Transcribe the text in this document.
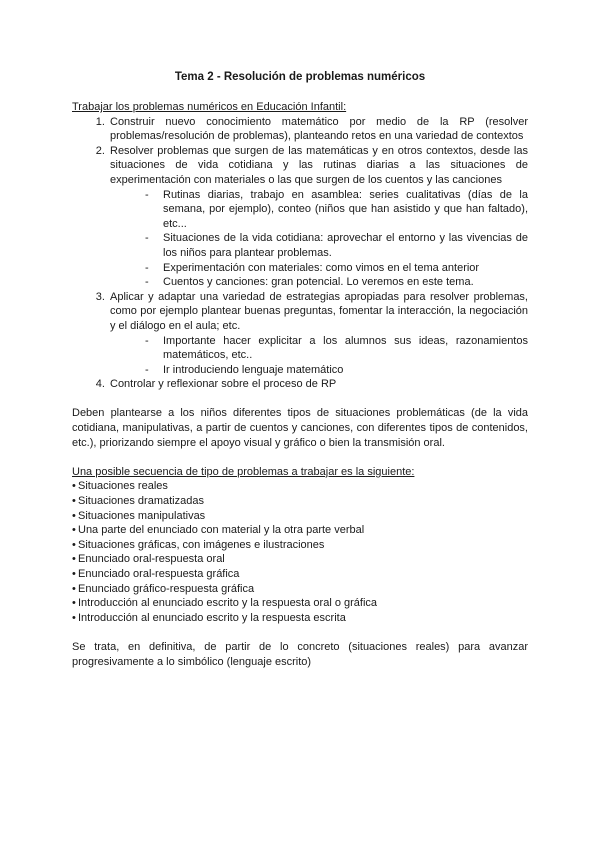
Tema 2 - Resolución de problemas numéricos

Trabajar los problemas numéricos en Educación Infantil:

1. Construir nuevo conocimiento matemático por medio de la RP (resolver problemas/resolución de problemas), planteando retos en una variedad de contextos
2. Resolver problemas que surgen de las matemáticas y en otros contextos, desde las situaciones de vida cotidiana y las rutinas diarias a las situaciones de experimentación con materiales o las que surgen de los cuentos y las canciones
- Rutinas diarias, trabajo en asamblea: series cualitativas (días de la semana, por ejemplo), conteo (niños que han asistido y que han faltado), etc...
- Situaciones de la vida cotidiana: aprovechar el entorno y las vivencias de los niños para plantear problemas.
- Experimentación con materiales: como vimos en el tema anterior
- Cuentos y canciones: gran potencial. Lo veremos en este tema.
3. Aplicar y adaptar una variedad de estrategias apropiadas para resolver problemas, como por ejemplo plantear buenas preguntas, fomentar la interacción, la negociación y el diálogo en el aula; etc.
- Importante hacer explicitar a los alumnos sus ideas, razonamientos matemáticos, etc..
- Ir introduciendo lenguaje matemático
4. Controlar y reflexionar sobre el proceso de RP

Deben plantearse a los niños diferentes tipos de situaciones problemáticas (de la vida cotidiana, manipulativas, a partir de cuentos y canciones, con diferentes tipos de contenidos, etc.), priorizando siempre el apoyo visual y gráfico o bien la transmisión oral.

Una posible secuencia de tipo de problemas a trabajar es la siguiente:

• Situaciones reales
• Situaciones dramatizadas
• Situaciones manipulativas
• Una parte del enunciado con material y la otra parte verbal
• Situaciones gráficas, con imágenes e ilustraciones
• Enunciado oral-respuesta oral
• Enunciado oral-respuesta gráfica
• Enunciado gráfico-respuesta gráfica
• Introducción al enunciado escrito y la respuesta oral o gráfica
• Introducción al enunciado escrito y la respuesta escrita

Se trata, en definitiva, de partir de lo concreto (situaciones reales) para avanzar progresivamente a lo simbólico (lenguaje escrito)
